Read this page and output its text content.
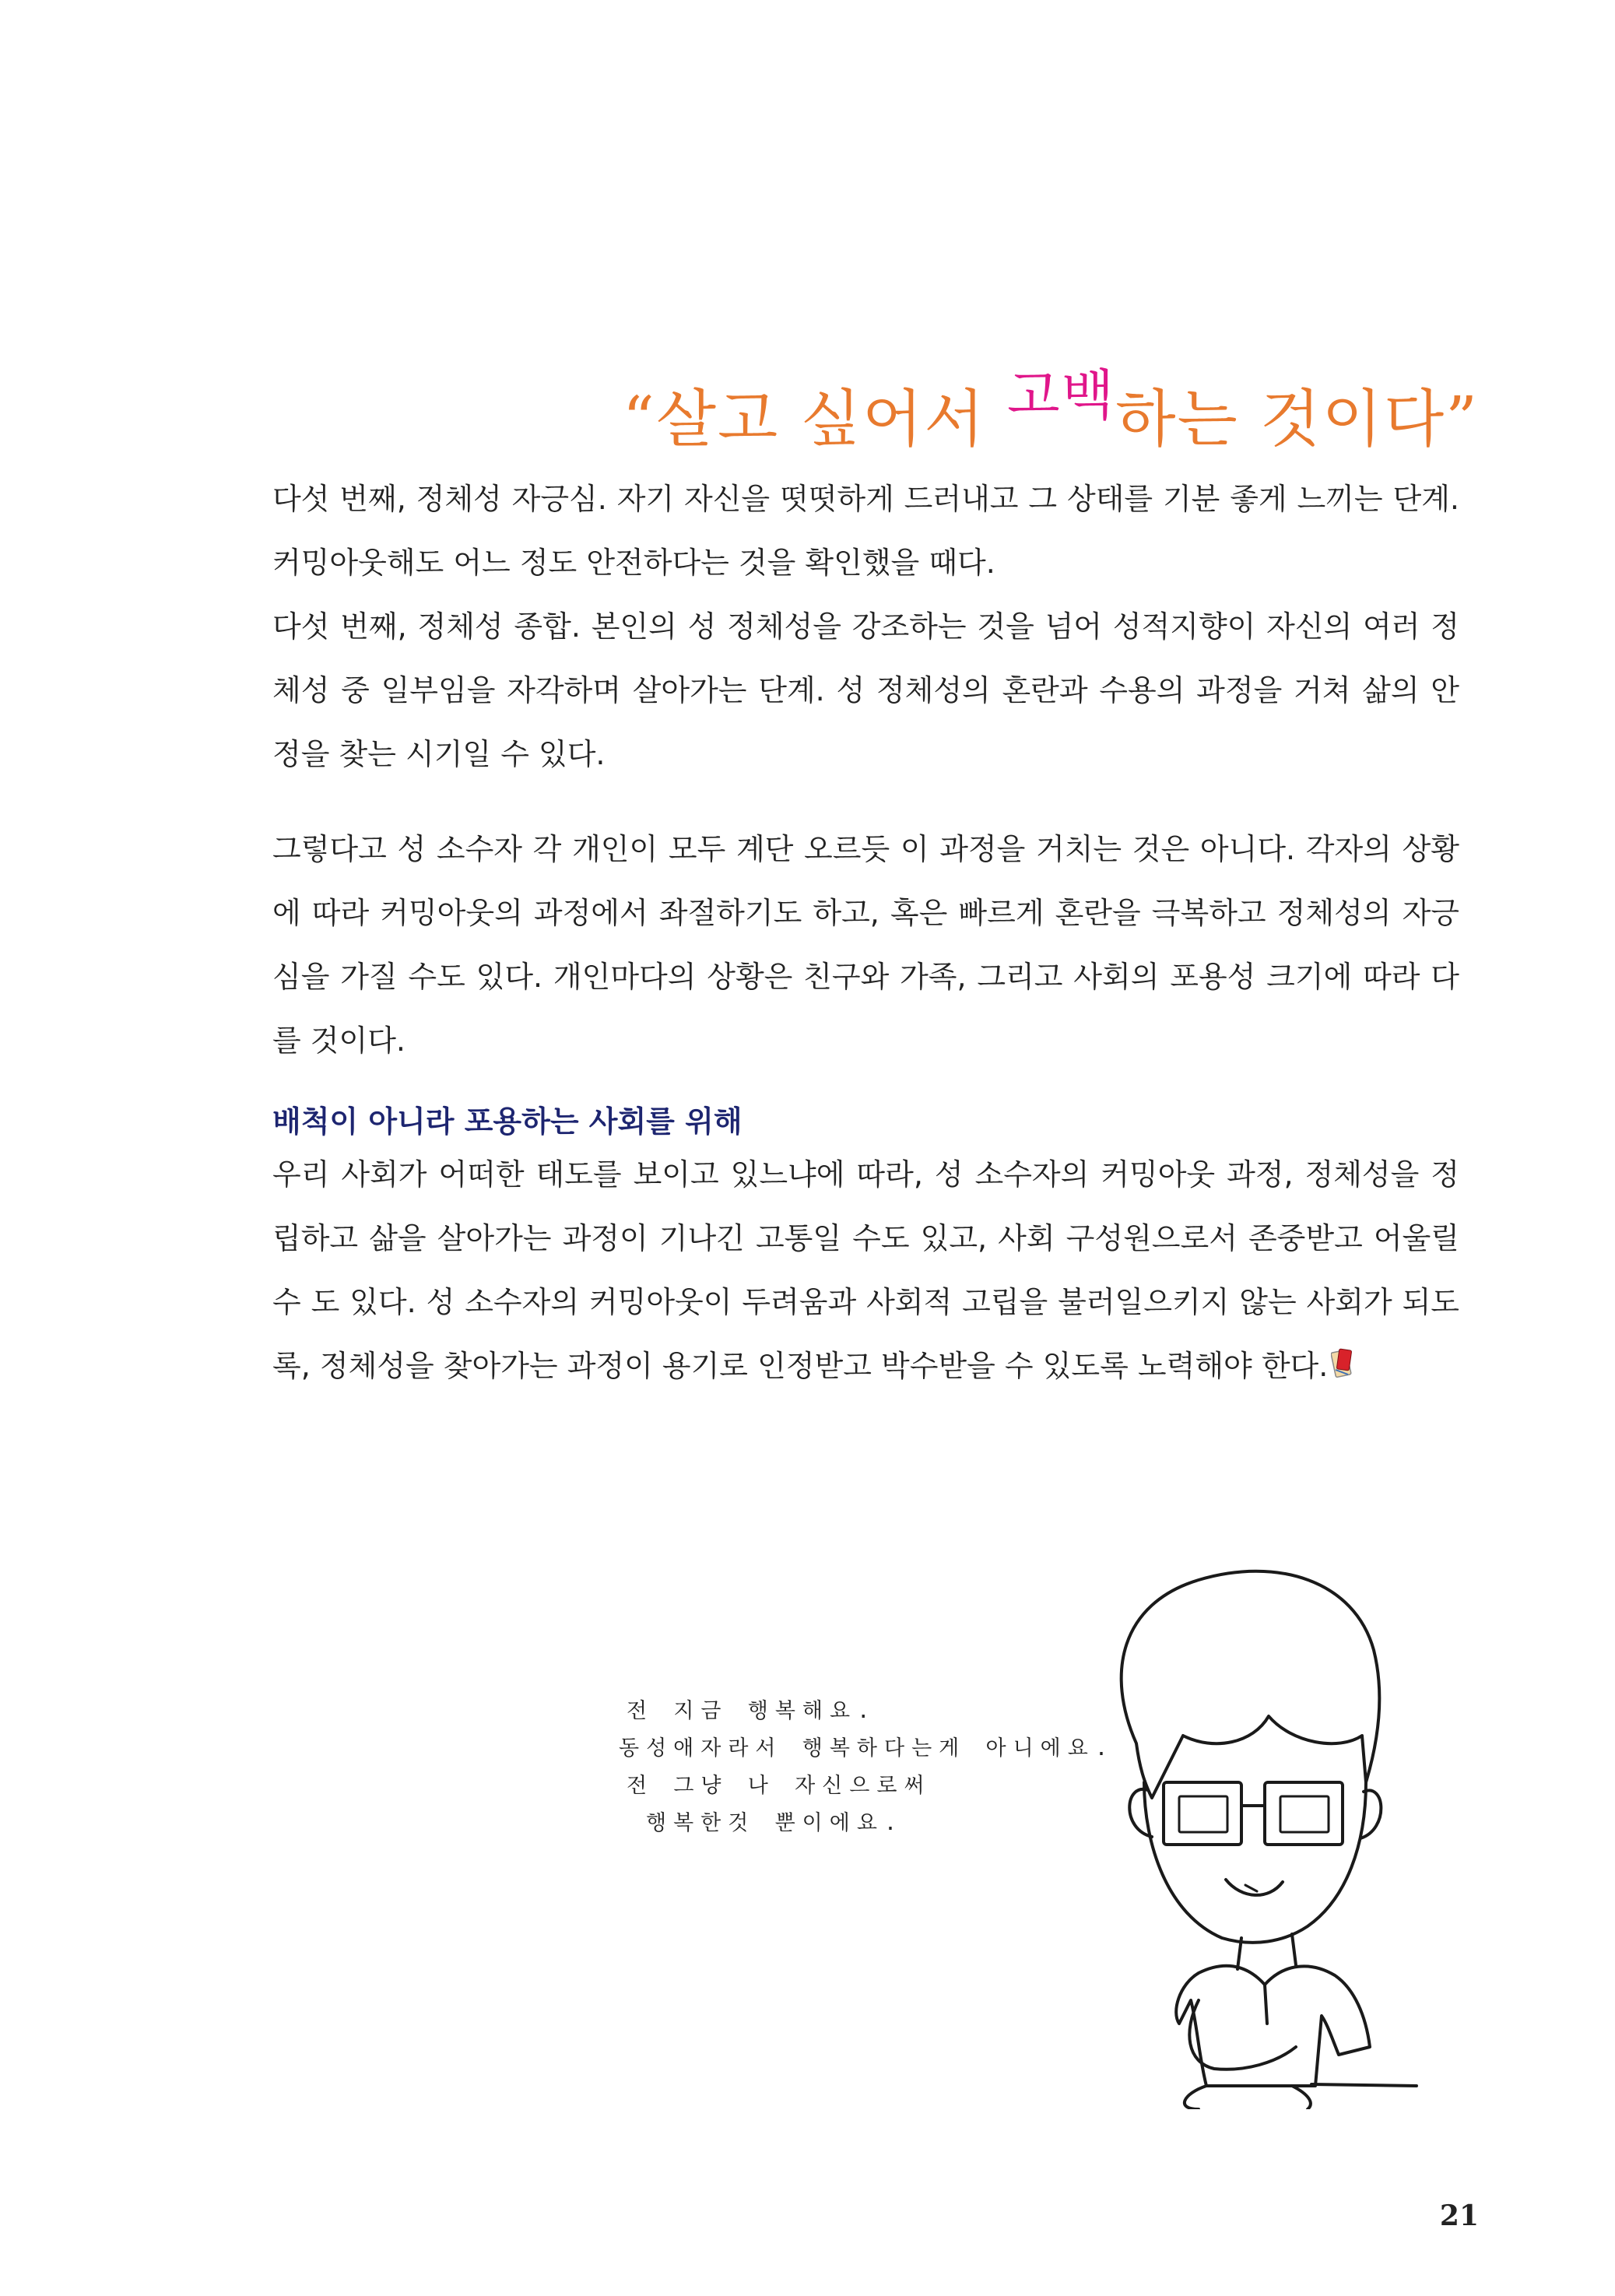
“살고 싶어서 고백하는 것이다”

다섯 번째, 정체성 자긍심. 자기 자신을 떳떳하게 드러내고 그 상태를 기분 좋게 느끼는 단계. 커밍아웃해도 어느 정도 안전하다는 것을 확인했을 때다.

다섯 번째, 정체성 종합. 본인의 성 정체성을 강조하는 것을 넘어 성적지향이 자신의 여러 정체성 중 일부임을 자각하며 살아가는 단계. 성 정체성의 혼란과 수용의 과정을 거쳐 삶의 안정을 찾는 시기일 수 있다.

그렇다고 성 소수자 각 개인이 모두 계단 오르듯 이 과정을 거치는 것은 아니다. 각자의 상황에 따라 커밍아웃의 과정에서 좌절하기도 하고, 혹은 빠르게 혼란을 극복하고 정체성의 자긍심을 가질 수도 있다. 개인마다의 상황은 친구와 가족, 그리고 사회의 포용성 크기에 따라 다를 것이다.

배척이 아니라 포용하는 사회를 위해

우리 사회가 어떠한 태도를 보이고 있느냐에 따라, 성 소수자의 커밍아웃 과정, 정체성을 정립하고 삶을 살아가는 과정이 기나긴 고통일 수도 있고, 사회 구성원으로서 존중받고 어울릴 수 도 있다. 성 소수자의 커밍아웃이 두려움과 사회적 고립을 불러일으키지 않는 사회가 되도록, 정체성을 찾아가는 과정이 용기로 인정받고 박수받을 수 있도록 노력해야 한다.

전 지금 행복해요.
동성애자라서 행복하다는게 아니에요.
전 그냥 나 자신으로써
행복한것 뿐이에요.
21
